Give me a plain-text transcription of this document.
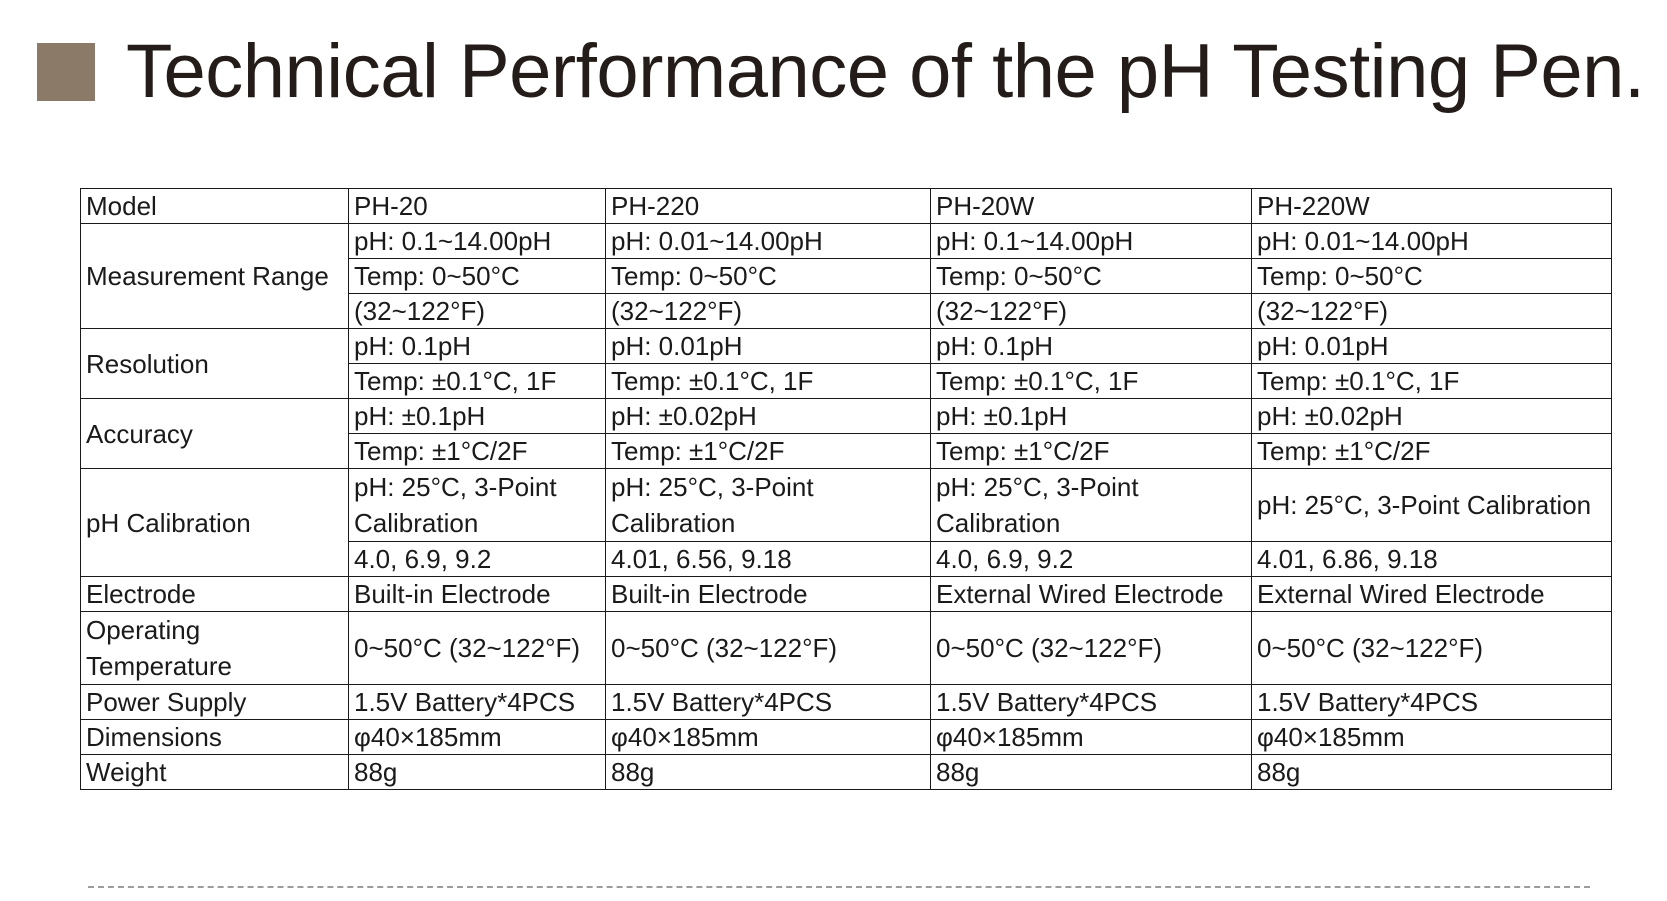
Technical Performance of the pH Testing Pen.
Model	PH-20	PH-220	PH-20W	PH-220W
Measurement Range	pH: 0.1~14.00pH	pH: 0.01~14.00pH	pH: 0.1~14.00pH	pH: 0.01~14.00pH
	Temp: 0~50°C	Temp: 0~50°C	Temp: 0~50°C	Temp: 0~50°C
	(32~122°F)	(32~122°F)	(32~122°F)	(32~122°F)
Resolution	pH: 0.1pH	pH: 0.01pH	pH: 0.1pH	pH: 0.01pH
	Temp: ±0.1°C, 1F	Temp: ±0.1°C, 1F	Temp: ±0.1°C, 1F	Temp: ±0.1°C, 1F
Accuracy	pH: ±0.1pH	pH: ±0.02pH	pH: ±0.1pH	pH: ±0.02pH
	Temp: ±1°C/2F	Temp: ±1°C/2F	Temp: ±1°C/2F	Temp: ±1°C/2F
pH Calibration	pH: 25°C, 3-Point Calibration	pH: 25°C, 3-Point Calibration	pH: 25°C, 3-Point Calibration	pH: 25°C, 3-Point Calibration
	4.0, 6.9, 9.2	4.01, 6.56, 9.18	4.0, 6.9, 9.2	4.01, 6.86, 9.18
Electrode	Built-in Electrode	Built-in Electrode	External Wired Electrode	External Wired Electrode
Operating Temperature	0~50°C (32~122°F)	0~50°C (32~122°F)	0~50°C (32~122°F)	0~50°C (32~122°F)
Power Supply	1.5V Battery*4PCS	1.5V Battery*4PCS	1.5V Battery*4PCS	1.5V Battery*4PCS
Dimensions	φ40×185mm	φ40×185mm	φ40×185mm	φ40×185mm
Weight	88g	88g	88g	88g
